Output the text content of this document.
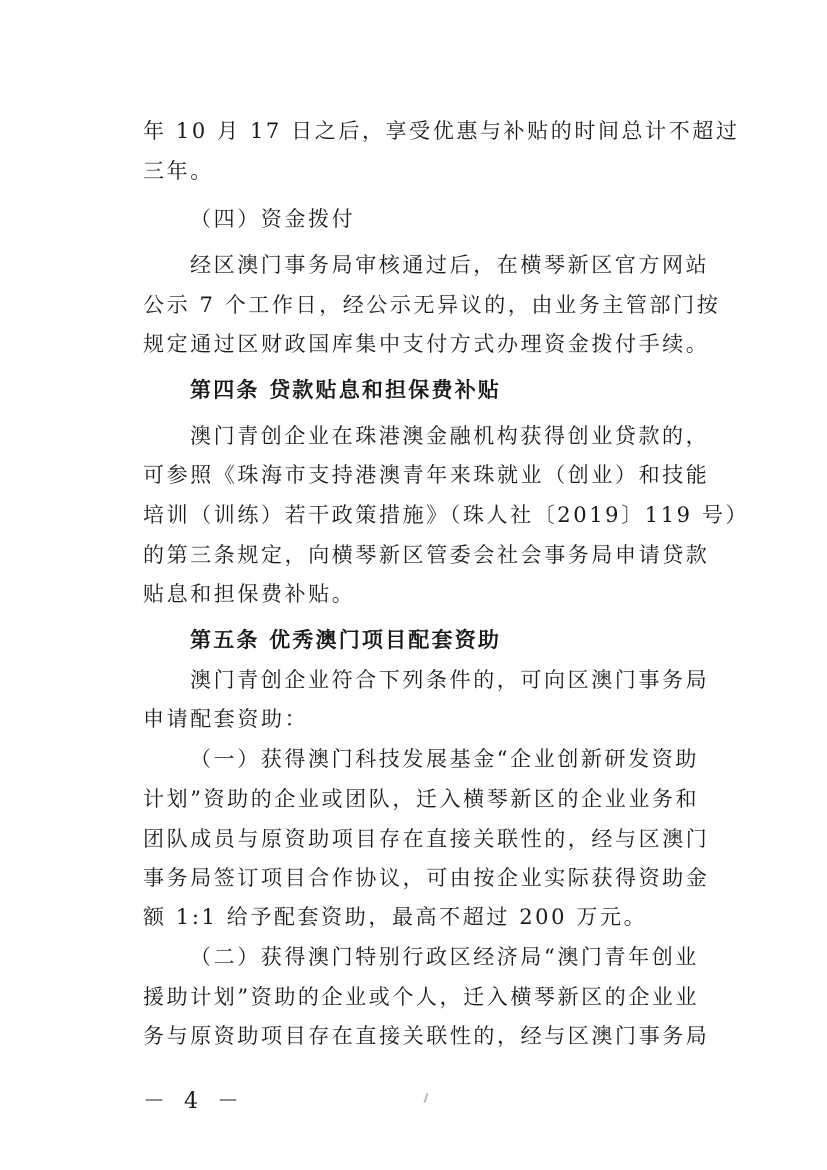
年 10 月 17 日之后，享受优惠与补贴的时间总计不超过
三年。
（四）资金拨付
经区澳门事务局审核通过后，在横琴新区官方网站
公示 7 个工作日，经公示无异议的，由业务主管部门按
规定通过区财政国库集中支付方式办理资金拨付手续。
第四条 贷款贴息和担保费补贴
澳门青创企业在珠港澳金融机构获得创业贷款的，
可参照《珠海市支持港澳青年来珠就业（创业）和技能
培训（训练）若干政策措施》（珠人社〔2019〕119 号）
的第三条规定，向横琴新区管委会社会事务局申请贷款
贴息和担保费补贴。
第五条 优秀澳门项目配套资助
澳门青创企业符合下列条件的，可向区澳门事务局
申请配套资助：
（一）获得澳门科技发展基金“企业创新研发资助
计划”资助的企业或团队，迁入横琴新区的企业业务和
团队成员与原资助项目存在直接关联性的，经与区澳门
事务局签订项目合作协议，可由按企业实际获得资助金
额 1:1 给予配套资助，最高不超过 200 万元。
（二）获得澳门特别行政区经济局“澳门青年创业
援助计划”资助的企业或个人，迁入横琴新区的企业业
务与原资助项目存在直接关联性的，经与区澳门事务局
－ 4 －
